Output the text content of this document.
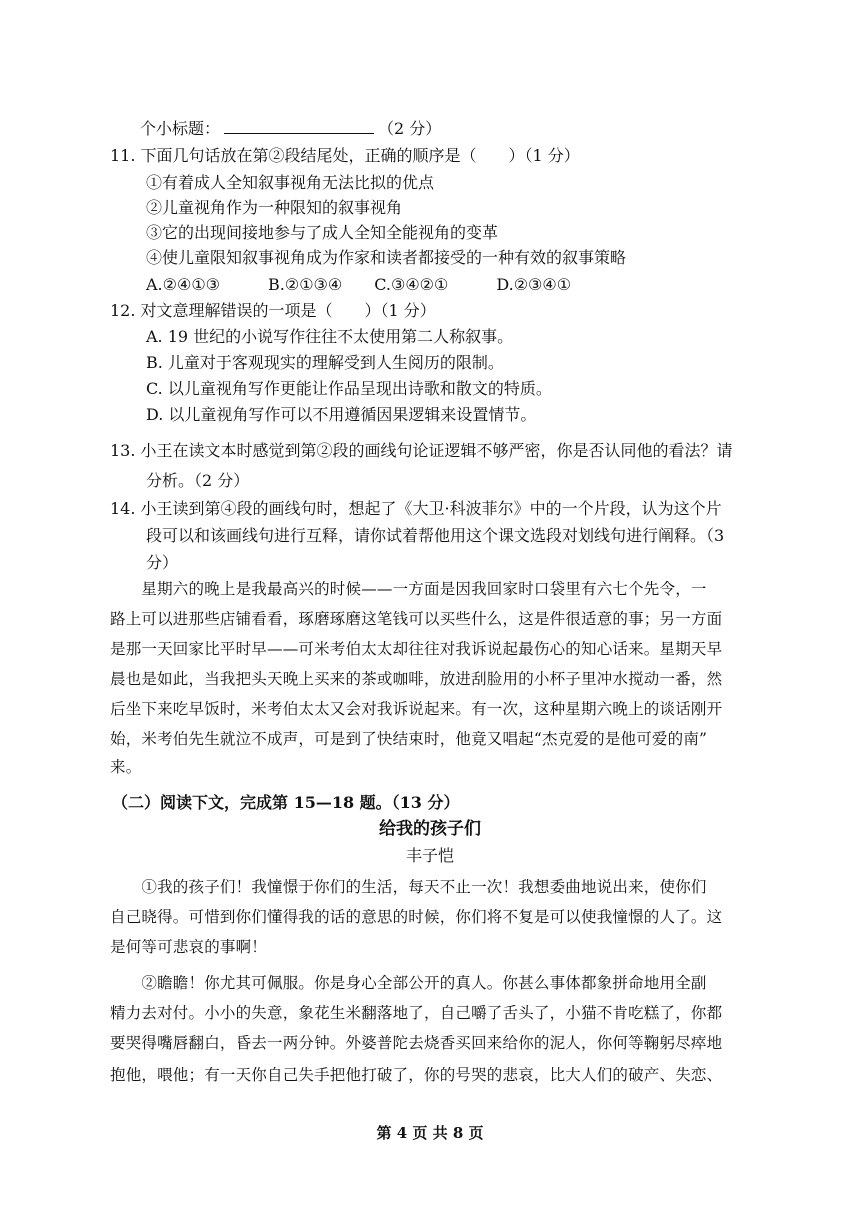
个小标题：	（2 分）
11. 下面几句话放在第②段结尾处，正确的顺序是（　　）（1 分）
①有着成人全知叙事视角无法比拟的优点
②儿童视角作为一种限知的叙事视角
③它的出现间接地参与了成人全知全能视角的变革
④使儿童限知叙事视角成为作家和读者都接受的一种有效的叙事策略
A.②④①③　　　B.②①③④　　C.③④②①　　　D.②③④①
12. 对文意理解错误的一项是（　　）（1 分）
A. 19 世纪的小说写作往往不太使用第二人称叙事。
B. 儿童对于客观现实的理解受到人生阅历的限制。
C. 以儿童视角写作更能让作品呈现出诗歌和散文的特质。
D. 以儿童视角写作可以不用遵循因果逻辑来设置情节。
13. 小王在读文本时感觉到第②段的画线句论证逻辑不够严密，你是否认同他的看法？请
分析。（2 分）
14. 小王读到第④段的画线句时，想起了《大卫·科波菲尔》中的一个片段，认为这个片
段可以和该画线句进行互释，请你试着帮他用这个课文选段对划线句进行阐释。（3
分）
　　星期六的晚上是我最高兴的时候——一方面是因我回家时口袋里有六七个先令，一
路上可以进那些店铺看看，琢磨琢磨这笔钱可以买些什么，这是件很适意的事；另一方面
是那一天回家比平时早——可米考伯太太却往往对我诉说起最伤心的知心话来。星期天早
晨也是如此，当我把头天晚上买来的茶或咖啡，放进刮脸用的小杯子里冲水搅动一番，然
后坐下来吃早饭时，米考伯太太又会对我诉说起来。有一次，这种星期六晚上的谈话刚开
始，米考伯先生就泣不成声，可是到了快结束时，他竟又唱起“杰克爱的是他可爱的南”
来。
（二）阅读下文，完成第 15—18 题。（13 分）
给我的孩子们
丰子恺
　　①我的孩子们！我憧憬于你们的生活，每天不止一次！我想委曲地说出来，使你们
自己晓得。可惜到你们懂得我的话的意思的时候，你们将不复是可以使我憧憬的人了。这
是何等可悲哀的事啊！
　　②瞻瞻！你尤其可佩服。你是身心全部公开的真人。你甚么事体都象拼命地用全副
精力去对付。小小的失意，象花生米翻落地了，自己嚼了舌头了，小猫不肯吃糕了，你都
要哭得嘴唇翻白，昏去一两分钟。外婆普陀去烧香买回来给你的泥人，你何等鞠躬尽瘁地
抱他，喂他；有一天你自己失手把他打破了，你的号哭的悲哀，比大人们的破产、失恋、
第 4 页 共 8 页
